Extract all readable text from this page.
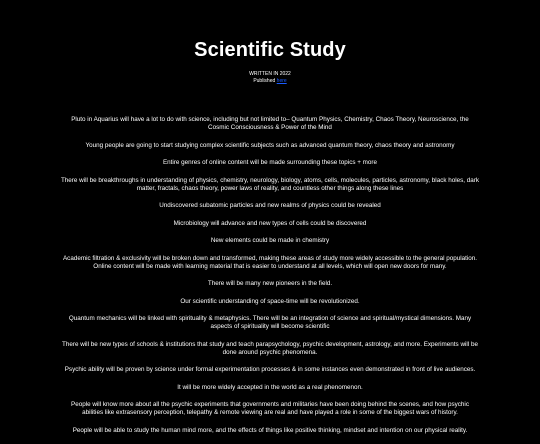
Scientific Study
WRITTEN IN 2022
Published here

Pluto in Aquarius will have a lot to do with science, including but not limited to– Quantum Physics, Chemistry, Chaos Theory, Neuroscience, the Cosmic Consciousness & Power of the Mind

Young people are going to start studying complex scientific subjects such as advanced quantum theory, chaos theory and astronomy

Entire genres of online content will be made surrounding these topics + more

There will be breakthroughs in understanding of physics, chemistry, neurology, biology, atoms, cells, molecules, particles, astronomy, black holes, dark matter, fractals, chaos theory, power laws of reality, and countless other things along these lines

Undiscovered subatomic particles and new realms of physics could be revealed

Microbiology will advance and new types of cells could be discovered

New elements could be made in chemistry

Academic filtration & exclusivity will be broken down and transformed, making these areas of study more widely accessible to the general population. Online content will be made with learning material that is easier to understand at all levels, which will open new doors for many.

There will be many new pioneers in the field.

Our scientific understanding of space-time will be revolutionized.

Quantum mechanics will be linked with spirituality & metaphysics. There will be an integration of science and spiritual/mystical dimensions. Many aspects of spirituality will become scientific

There will be new types of schools & institutions that study and teach parapsychology, psychic development, astrology, and more. Experiments will be done around psychic phenomena.

Psychic ability will be proven by science under formal experimentation processes & in some instances even demonstrated in front of live audiences.

It will be more widely accepted in the world as a real phenomenon.

People will know more about all the psychic experiments that governments and militaries have been doing behind the scenes, and how psychic abilities like extrasensory perception, telepathy & remote viewing are real and have played a role in some of the biggest wars of history.

People will be able to study the human mind more, and the effects of things like positive thinking, mindset and intention on our physical reality.
